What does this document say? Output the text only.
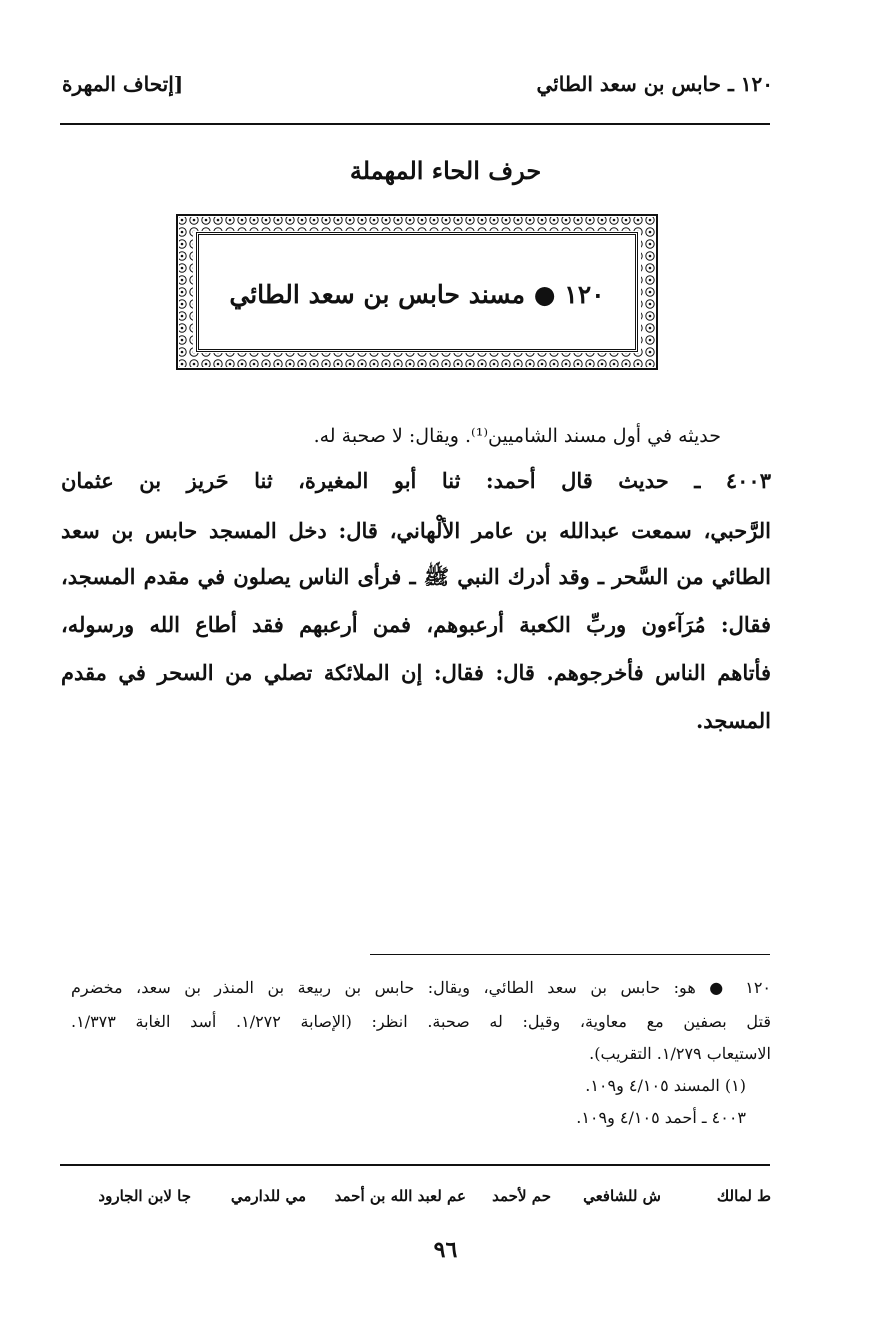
١٢٠ ـ حابس بن سعد الطائي
[إتحاف المهرة
حرف الحاء المهملة
١٢٠ ● مسند حابس بن سعد الطائي
حديثه في أول مسند الشاميين⁽¹⁾. ويقال: لا صحبة له.
٤٠٠٣ ـ حديث قال أحمد: ثنا أبو المغيرة، ثنا حَريز بن عثمان
الرَّحبي، سمعت عبدالله بن عامر الألْهاني، قال: دخل المسجد حابس بن سعد
الطائي من السَّحر ـ وقد أدرك النبي ﷺ ـ فرأى الناس يصلون في مقدم المسجد،
فقال: مُرَآءون وربِّ الكعبة أرعبوهم، فمن أرعبهم فقد أطاع الله ورسوله،
فأتاهم الناس فأخرجوهم. قال: فقال: إن الملائكة تصلي من السحر في مقدم
المسجد.
١٢٠ ● هو: حابس بن سعد الطائي، ويقال: حابس بن ربيعة بن المنذر بن سعد، مخضرم
قتل بصفين مع معاوية، وقيل: له صحبة. انظر: (الإصابة ١/٢٧٢. أسد الغابة ١/٣٧٣.
الاستيعاب ١/٢٧٩. التقريب).
(١) المسند ٤/١٠٥ و١٠٩.
٤٠٠٣ ـ أحمد ٤/١٠٥ و١٠٩.
ط لمالك
ش للشافعي
حم لأحمد
عم لعبد الله بن أحمد
مي للدارمي
جا لابن الجارود
٩٦
